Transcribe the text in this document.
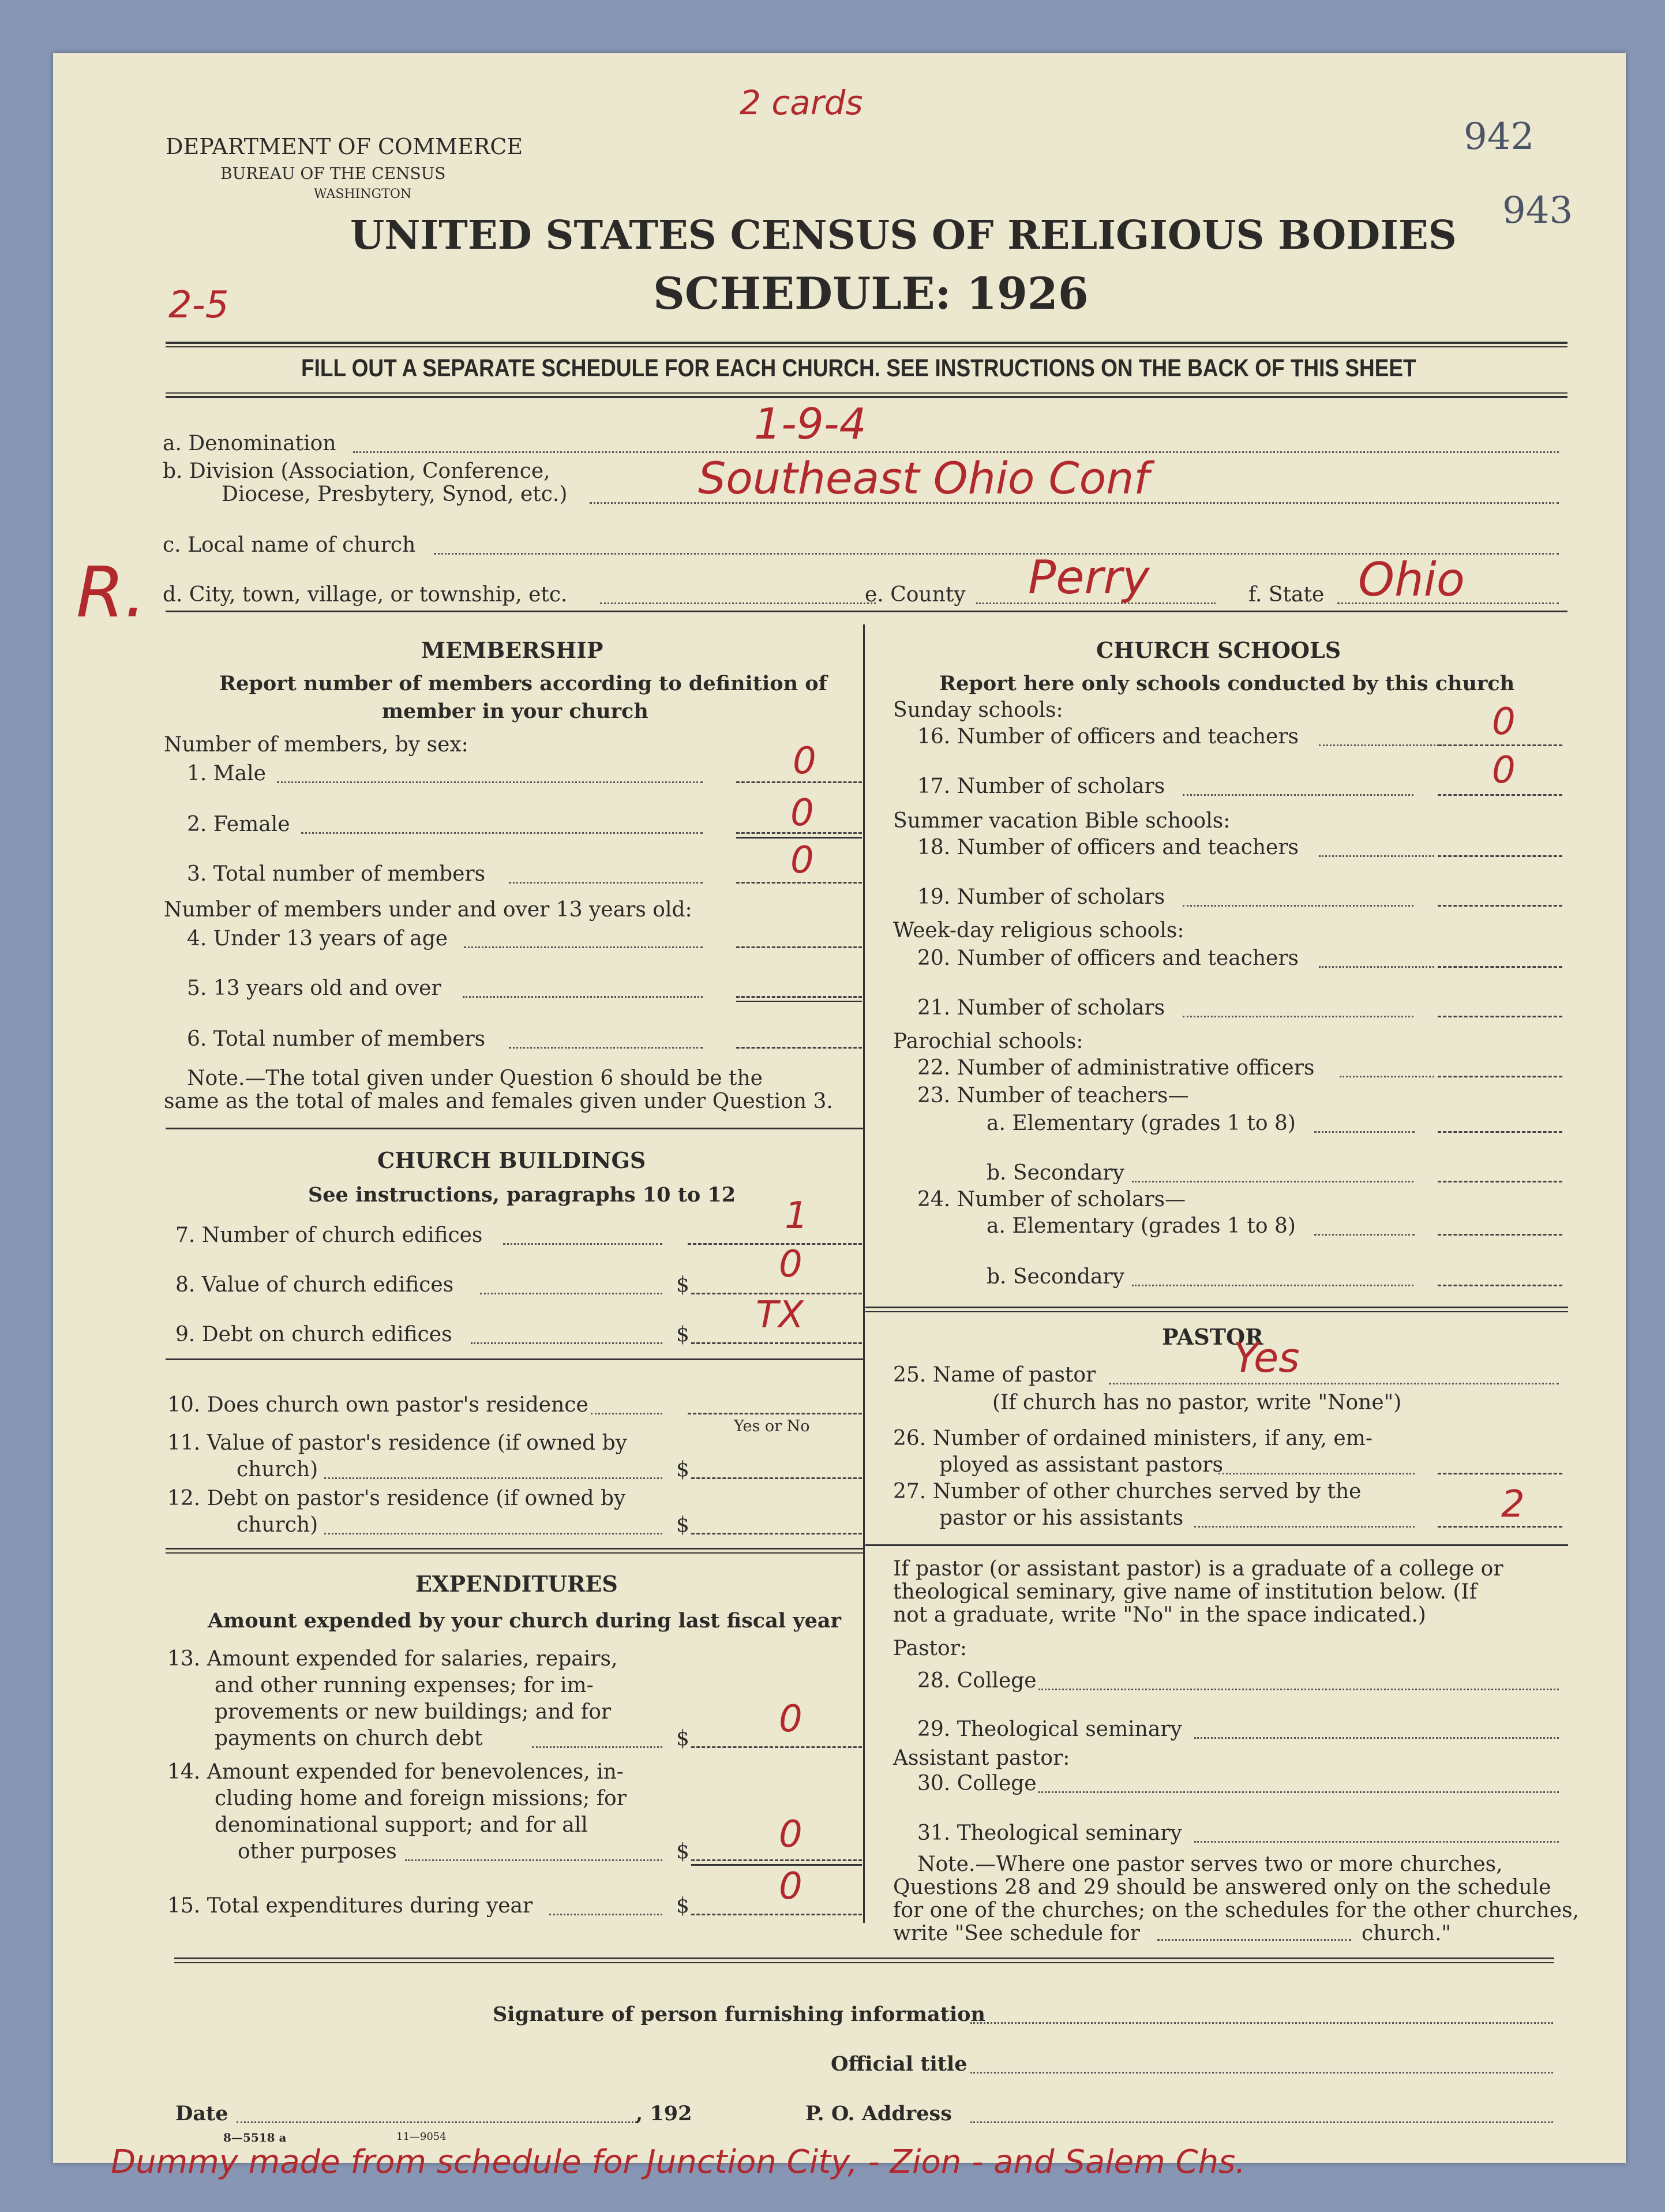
DEPARTMENT OF COMMERCE
BUREAU OF THE CENSUS
WASHINGTON
UNITED STATES CENSUS OF RELIGIOUS BODIES
SCHEDULE: 1926
942
943
2 cards
2-5
FILL OUT A SEPARATE SCHEDULE FOR EACH CHURCH. SEE INSTRUCTIONS ON THE BACK OF THIS SHEET
a. Denomination	1-9-4
b. Division (Association, Conference,
Diocese, Presbytery, Synod, etc.)	Southeast Ohio Conf
c. Local name of church
R. d. City, town, village, or township, etc.	e. County Perry	f. State Ohio
MEMBERSHIP
Report number of members according to definition of
member in your church
Number of members, by sex:
1. Male	0
2. Female	0
3. Total number of members	0
Number of members under and over 13 years old:
4. Under 13 years of age
5. 13 years old and over
6. Total number of members
Note.—The total given under Question 6 should be the
same as the total of males and females given under Question 3.
CHURCH BUILDINGS
See instructions, paragraphs 10 to 12
7. Number of church edifices	1
8. Value of church edifices	$ 0
9. Debt on church edifices	$ TX
10. Does church own pastor's residence
Yes or No
11. Value of pastor's residence (if owned by
church)	$
12. Debt on pastor's residence (if owned by
church)	$
EXPENDITURES
Amount expended by your church during last fiscal year
13. Amount expended for salaries, repairs,
and other running expenses; for im-
provements or new buildings; and for
payments on church debt	$ 0
14. Amount expended for benevolences, in-
cluding home and foreign missions; for
denominational support; and for all
other purposes	$ 0
15. Total expenditures during year	$ 0
CHURCH SCHOOLS
Report here only schools conducted by this church
Sunday schools:
16. Number of officers and teachers	0
17. Number of scholars	0
Summer vacation Bible schools:
18. Number of officers and teachers
19. Number of scholars
Week-day religious schools:
20. Number of officers and teachers
21. Number of scholars
Parochial schools:
22. Number of administrative officers
23. Number of teachers—
a. Elementary (grades 1 to 8)
b. Secondary
24. Number of scholars—
a. Elementary (grades 1 to 8)
b. Secondary
PASTOR
25. Name of pastor	Yes
(If church has no pastor, write "None")
26. Number of ordained ministers, if any, em-
ployed as assistant pastors
27. Number of other churches served by the
pastor or his assistants	2
If pastor (or assistant pastor) is a graduate of a college or
theological seminary, give name of institution below. (If
not a graduate, write "No" in the space indicated.)
Pastor:
28. College
29. Theological seminary
Assistant pastor:
30. College
31. Theological seminary
Note.—Where one pastor serves two or more churches,
Questions 28 and 29 should be answered only on the schedule
for one of the churches; on the schedules for the other churches,
write "See schedule for	church."
Signature of person furnishing information
Official title
Date	, 192	P. O. Address
8—5518 a	11—9054
Dummy made from schedule for Junction City, - Zion - and Salem Chs.
